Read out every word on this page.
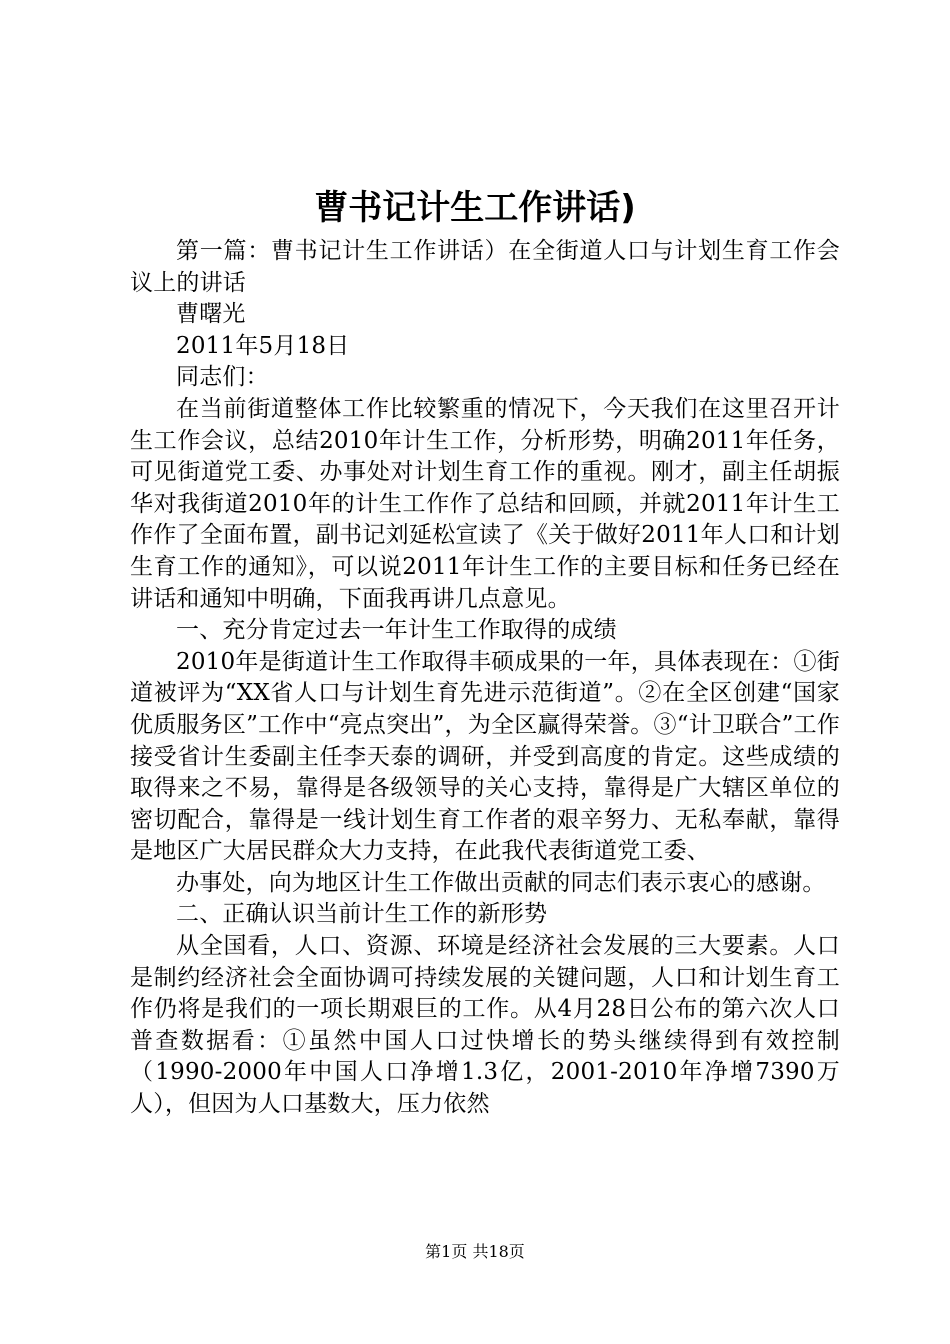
曹书记计生工作讲话)

第一篇：曹书记计生工作讲话）在全街道人口与计划生育工作会议上的讲话

曹曙光

2011年5月18日

同志们：

在当前街道整体工作比较繁重的情况下，今天我们在这里召开计生工作会议，总结2010年计生工作，分析形势，明确2011年任务，可见街道党工委、办事处对计划生育工作的重视。刚才，副主任胡振华对我街道2010年的计生工作作了总结和回顾，并就2011年计生工作作了全面布置，副书记刘延松宣读了《关于做好2011年人口和计划生育工作的通知》，可以说2011年计生工作的主要目标和任务已经在讲话和通知中明确，下面我再讲几点意见。

一、充分肯定过去一年计生工作取得的成绩

2010年是街道计生工作取得丰硕成果的一年，具体表现在：①街道被评为“XX省人口与计划生育先进示范街道”。②在全区创建“国家优质服务区”工作中“亮点突出”，为全区赢得荣誉。③“计卫联合”工作接受省计生委副主任李天泰的调研，并受到高度的肯定。这些成绩的取得来之不易，靠得是各级领导的关心支持，靠得是广大辖区单位的密切配合，靠得是一线计划生育工作者的艰辛努力、无私奉献，靠得是地区广大居民群众大力支持，在此我代表街道党工委、

办事处，向为地区计生工作做出贡献的同志们表示衷心的感谢。

二、正确认识当前计生工作的新形势

从全国看，人口、资源、环境是经济社会发展的三大要素。人口是制约经济社会全面协调可持续发展的关键问题，人口和计划生育工作仍将是我们的一项长期艰巨的工作。从4月28日公布的第六次人口普查数据看：①虽然中国人口过快增长的势头继续得到有效控制（1990-2000年中国人口净增1.3亿，2001-2010年净增7390万人），但因为人口基数大，压力依然

第1页 共18页
